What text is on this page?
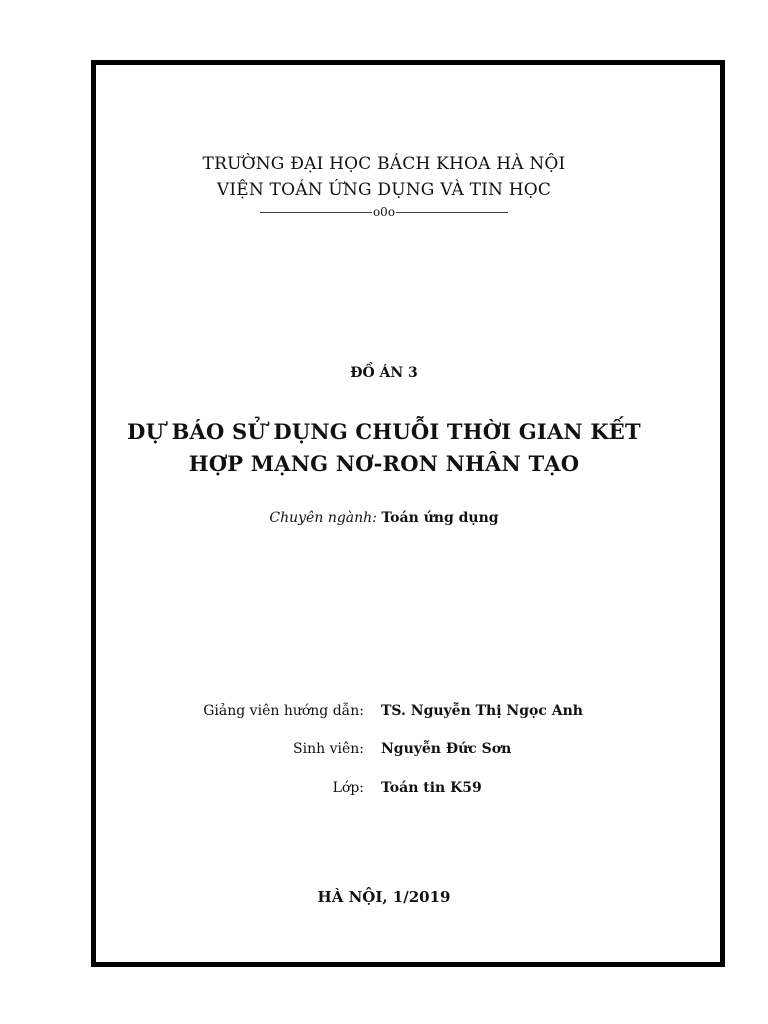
TRƯỜNG ĐẠI HỌC BÁCH KHOA HÀ NỘI
VIỆN TOÁN ỨNG DỤNG VÀ TIN HỌC
o0o
ĐỒ ÁN 3
DỰ BÁO SỬ DỤNG CHUỖI THỜI GIAN KẾT
HỢP MẠNG NƠ-RON NHÂN TẠO
Chuyên ngành: Toán ứng dụng
Giảng viên hướng dẫn: TS. Nguyễn Thị Ngọc Anh
Sinh viên: Nguyễn Đức Sơn
Lớp: Toán tin K59
HÀ NỘI, 1/2019
